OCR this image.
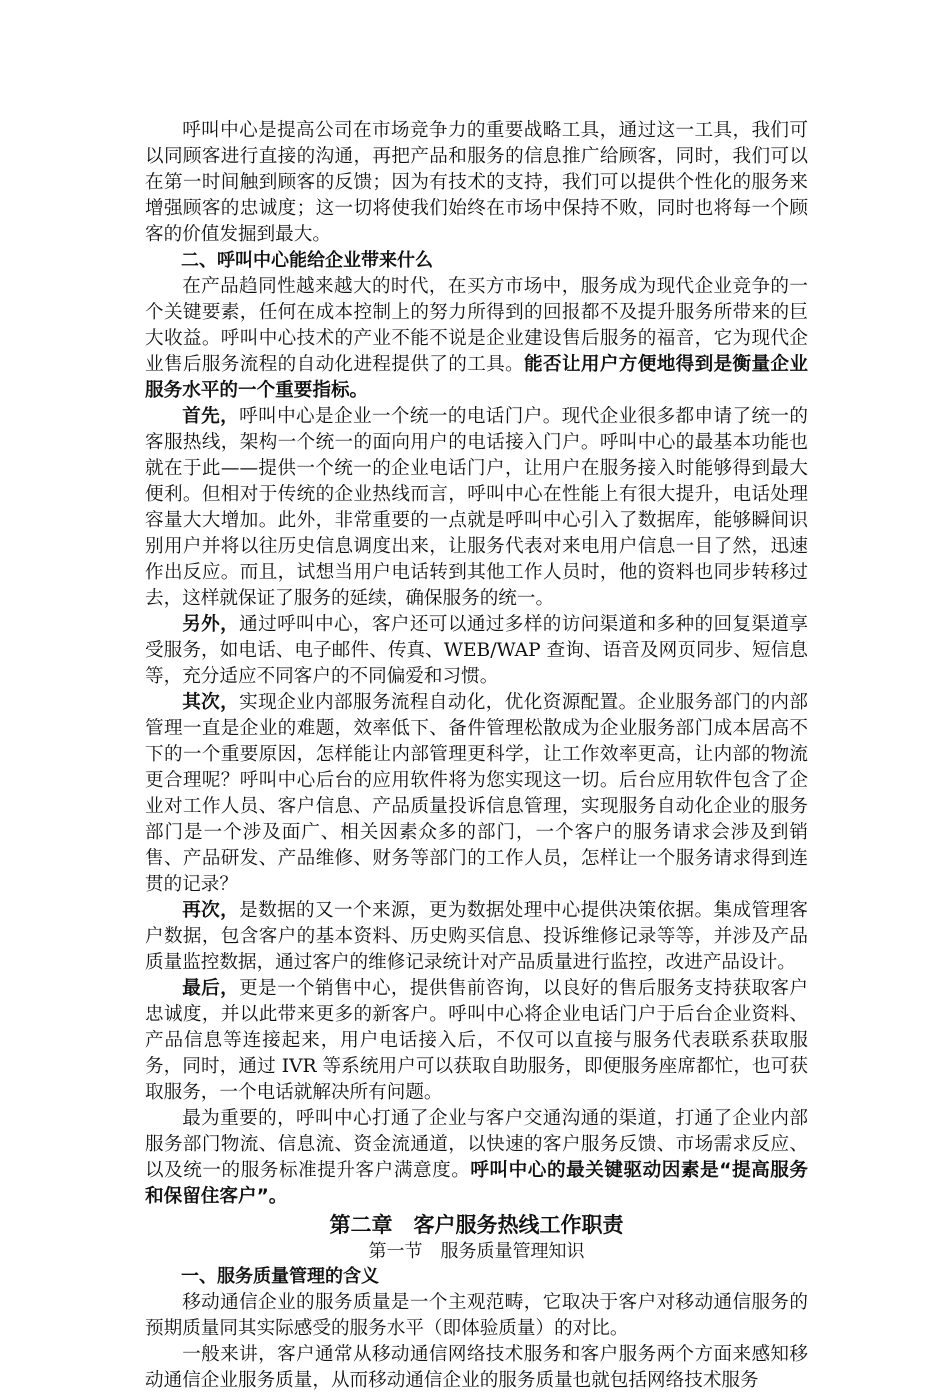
呼叫中心是提高公司在市场竞争力的重要战略工具，通过这一工具，我们可以同顾客进行直接的沟通，再把产品和服务的信息推广给顾客，同时，我们可以在第一时间触到顾客的反馈；因为有技术的支持，我们可以提供个性化的服务来增强顾客的忠诚度；这一切将使我们始终在市场中保持不败，同时也将每一个顾客的价值发掘到最大。

二、呼叫中心能给企业带来什么

在产品趋同性越来越大的时代，在买方市场中，服务成为现代企业竞争的一个关键要素，任何在成本控制上的努力所得到的回报都不及提升服务所带来的巨大收益。呼叫中心技术的产业不能不说是企业建设售后服务的福音，它为现代企业售后服务流程的自动化进程提供了的工具。能否让用户方便地得到是衡量企业服务水平的一个重要指标。

首先，呼叫中心是企业一个统一的电话门户。现代企业很多都申请了统一的客服热线，架构一个统一的面向用户的电话接入门户。呼叫中心的最基本功能也就在于此——提供一个统一的企业电话门户，让用户在服务接入时能够得到最大便利。但相对于传统的企业热线而言，呼叫中心在性能上有很大提升，电话处理容量大大增加。此外，非常重要的一点就是呼叫中心引入了数据库，能够瞬间识别用户并将以往历史信息调度出来，让服务代表对来电用户信息一目了然，迅速作出反应。而且，试想当用户电话转到其他工作人员时，他的资料也同步转移过去，这样就保证了服务的延续，确保服务的统一。

另外，通过呼叫中心，客户还可以通过多样的访问渠道和多种的回复渠道享受服务，如电话、电子邮件、传真、WEB/WAP 查询、语音及网页同步、短信息等，充分适应不同客户的不同偏爱和习惯。

其次，实现企业内部服务流程自动化，优化资源配置。企业服务部门的内部管理一直是企业的难题，效率低下、备件管理松散成为企业服务部门成本居高不下的一个重要原因，怎样能让内部管理更科学，让工作效率更高，让内部的物流更合理呢？呼叫中心后台的应用软件将为您实现这一切。后台应用软件包含了企业对工作人员、客户信息、产品质量投诉信息管理，实现服务自动化企业的服务部门是一个涉及面广、相关因素众多的部门，一个客户的服务请求会涉及到销售、产品研发、产品维修、财务等部门的工作人员，怎样让一个服务请求得到连贯的记录？

再次，是数据的又一个来源，更为数据处理中心提供决策依据。集成管理客户数据，包含客户的基本资料、历史购买信息、投诉维修记录等等，并涉及产品质量监控数据，通过客户的维修记录统计对产品质量进行监控，改进产品设计。

最后，更是一个销售中心，提供售前咨询，以良好的售后服务支持获取客户忠诚度，并以此带来更多的新客户。呼叫中心将企业电话门户于后台企业资料、产品信息等连接起来，用户电话接入后，不仅可以直接与服务代表联系获取服务，同时，通过 IVR 等系统用户可以获取自助服务，即便服务座席都忙，也可获取服务，一个电话就解决所有问题。

最为重要的，呼叫中心打通了企业与客户交通沟通的渠道，打通了企业内部服务部门物流、信息流、资金流通道，以快速的客户服务反馈、市场需求反应、以及统一的服务标准提升客户满意度。呼叫中心的最关键驱动因素是“提高服务和保留住客户”。

第二章　客户服务热线工作职责

第一节　服务质量管理知识

一、服务质量管理的含义

移动通信企业的服务质量是一个主观范畴，它取决于客户对移动通信服务的预期质量同其实际感受的服务水平（即体验质量）的对比。

一般来讲，客户通常从移动通信网络技术服务和客户服务两个方面来感知移动通信企业服务质量，从而移动通信企业的服务质量也就包括网络技术服务
